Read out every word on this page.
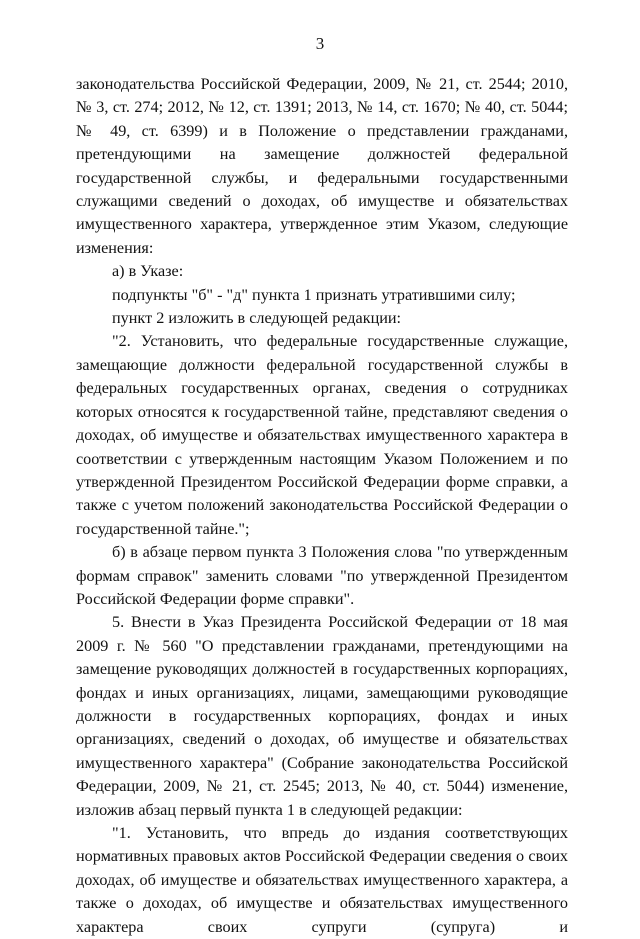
3

законодательства Российской Федерации, 2009, № 21, ст. 2544; 2010, № 3, ст. 274; 2012, № 12, ст. 1391; 2013, № 14, ст. 1670; № 40, ст. 5044; № 49, ст. 6399) и в Положение о представлении гражданами, претендующими на замещение должностей федеральной государственной службы, и федеральными государственными служащими сведений о доходах, об имуществе и обязательствах имущественного характера, утвержденное этим Указом, следующие изменения:

а) в Указе:

подпункты "б" - "д" пункта 1 признать утратившими силу;

пункт 2 изложить в следующей редакции:

"2. Установить, что федеральные государственные служащие, замещающие должности федеральной государственной службы в федеральных государственных органах, сведения о сотрудниках которых относятся к государственной тайне, представляют сведения о доходах, об имуществе и обязательствах имущественного характера в соответствии с утвержденным настоящим Указом Положением и по утвержденной Президентом Российской Федерации форме справки, а также с учетом положений законодательства Российской Федерации о государственной тайне.";

б) в абзаце первом пункта 3 Положения слова "по утвержденным формам справок" заменить словами "по утвержденной Президентом Российской Федерации форме справки".

5. Внести в Указ Президента Российской Федерации от 18 мая 2009 г. № 560 "О представлении гражданами, претендующими на замещение руководящих должностей в государственных корпорациях, фондах и иных организациях, лицами, замещающими руководящие должности в государственных корпорациях, фондах и иных организациях, сведений о доходах, об имуществе и обязательствах имущественного характера" (Собрание законодательства Российской Федерации, 2009, № 21, ст. 2545; 2013, № 40, ст. 5044) изменение, изложив абзац первый пункта 1 в следующей редакции:

"1. Установить, что впредь до издания соответствующих нормативных правовых актов Российской Федерации сведения о своих доходах, об имуществе и обязательствах имущественного характера, а также о доходах, об имуществе и обязательствах имущественного характера своих супруги (супруга) и
